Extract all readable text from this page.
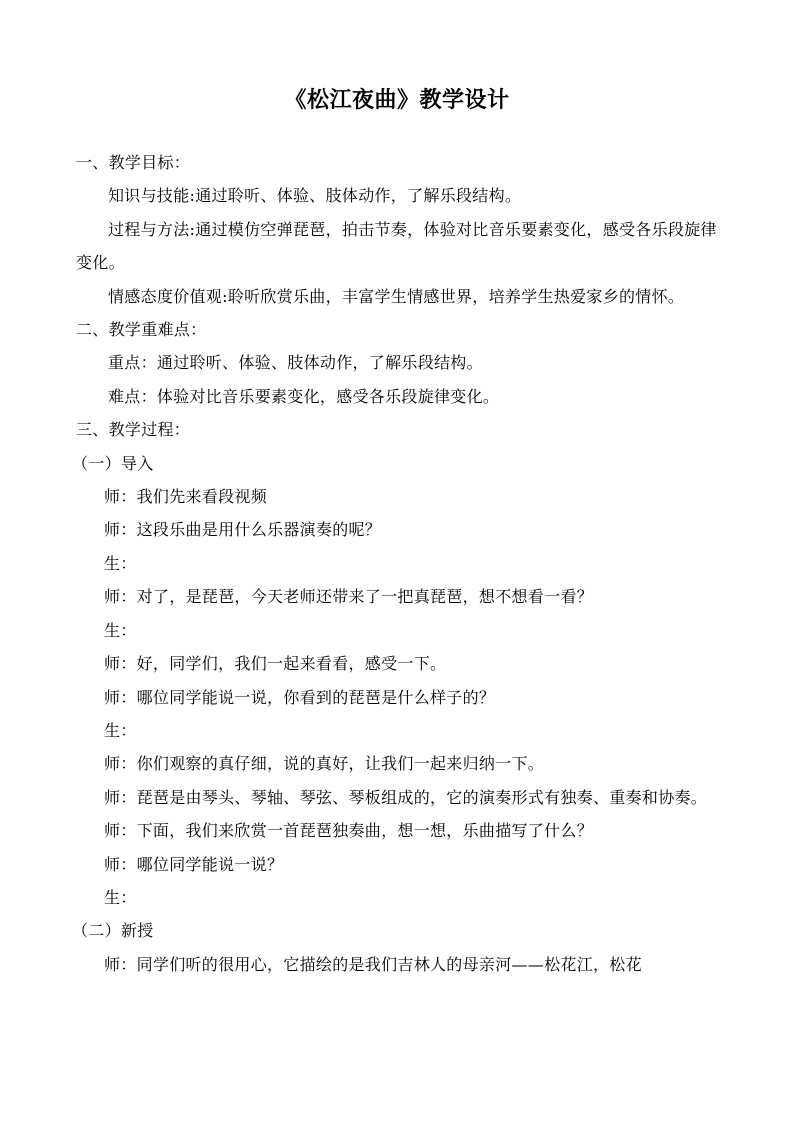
《松江夜曲》教学设计

一、教学目标：

知识与技能:通过聆听、体验、肢体动作，了解乐段结构。

过程与方法:通过模仿空弹琵琶，拍击节奏，体验对比音乐要素变化，感受各乐段旋律变化。

情感态度价值观:聆听欣赏乐曲，丰富学生情感世界，培养学生热爱家乡的情怀。

二、教学重难点：

重点：通过聆听、体验、肢体动作，了解乐段结构。

难点：体验对比音乐要素变化，感受各乐段旋律变化。

三、教学过程：

（一）导入

师：我们先来看段视频

师：这段乐曲是用什么乐器演奏的呢？

生：

师：对了，是琵琶，今天老师还带来了一把真琵琶，想不想看一看？

生：

师：好，同学们，我们一起来看看，感受一下。

师：哪位同学能说一说，你看到的琵琶是什么样子的？

生：

师：你们观察的真仔细，说的真好，让我们一起来归纳一下。

师：琵琶是由琴头、琴轴、琴弦、琴板组成的，它的演奏形式有独奏、重奏和协奏。

师：下面，我们来欣赏一首琵琶独奏曲，想一想，乐曲描写了什么？

师：哪位同学能说一说？

生：

（二）新授

师：同学们听的很用心，它描绘的是我们吉林人的母亲河——松花江，松花
